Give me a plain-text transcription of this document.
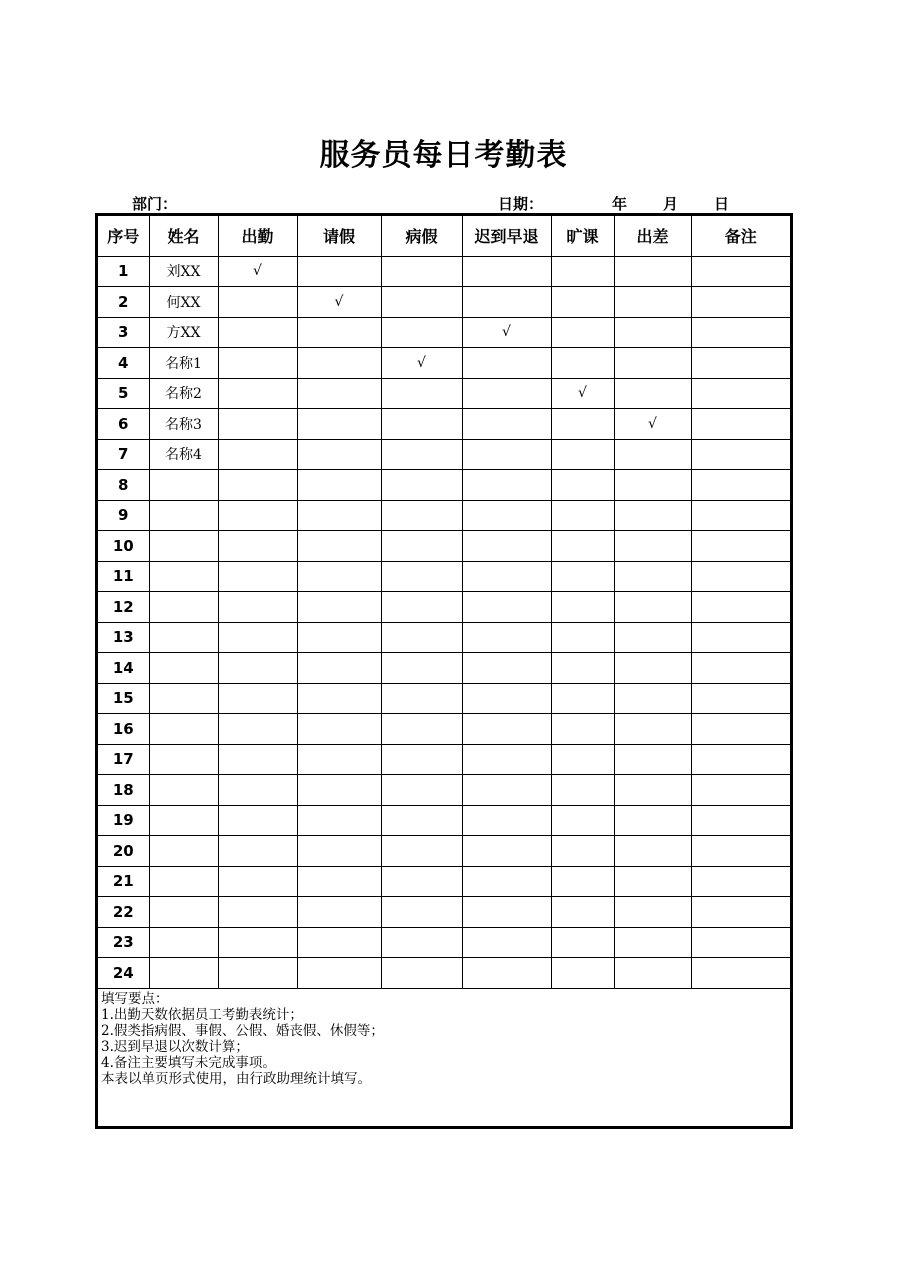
服务员每日考勤表
部门：	日期：	年 月 日
序号	姓名	出勤	请假	病假	迟到早退	旷课	出差	备注
1	刘XX	√						
2	何XX		√					
3	方XX				√			
4	名称1			√				
5	名称2					√		
6	名称3						√	
7	名称4							
8								
9								
10								
11								
12								
13								
14								
15								
16								
17								
18								
19								
20								
21								
22								
23								
24								
填写要点：
1.出勤天数依据员工考勤表统计；
2.假类指病假、事假、公假、婚丧假、休假等；
3.迟到早退以次数计算；
4.备注主要填写未完成事项。
本表以单页形式使用，由行政助理统计填写。
